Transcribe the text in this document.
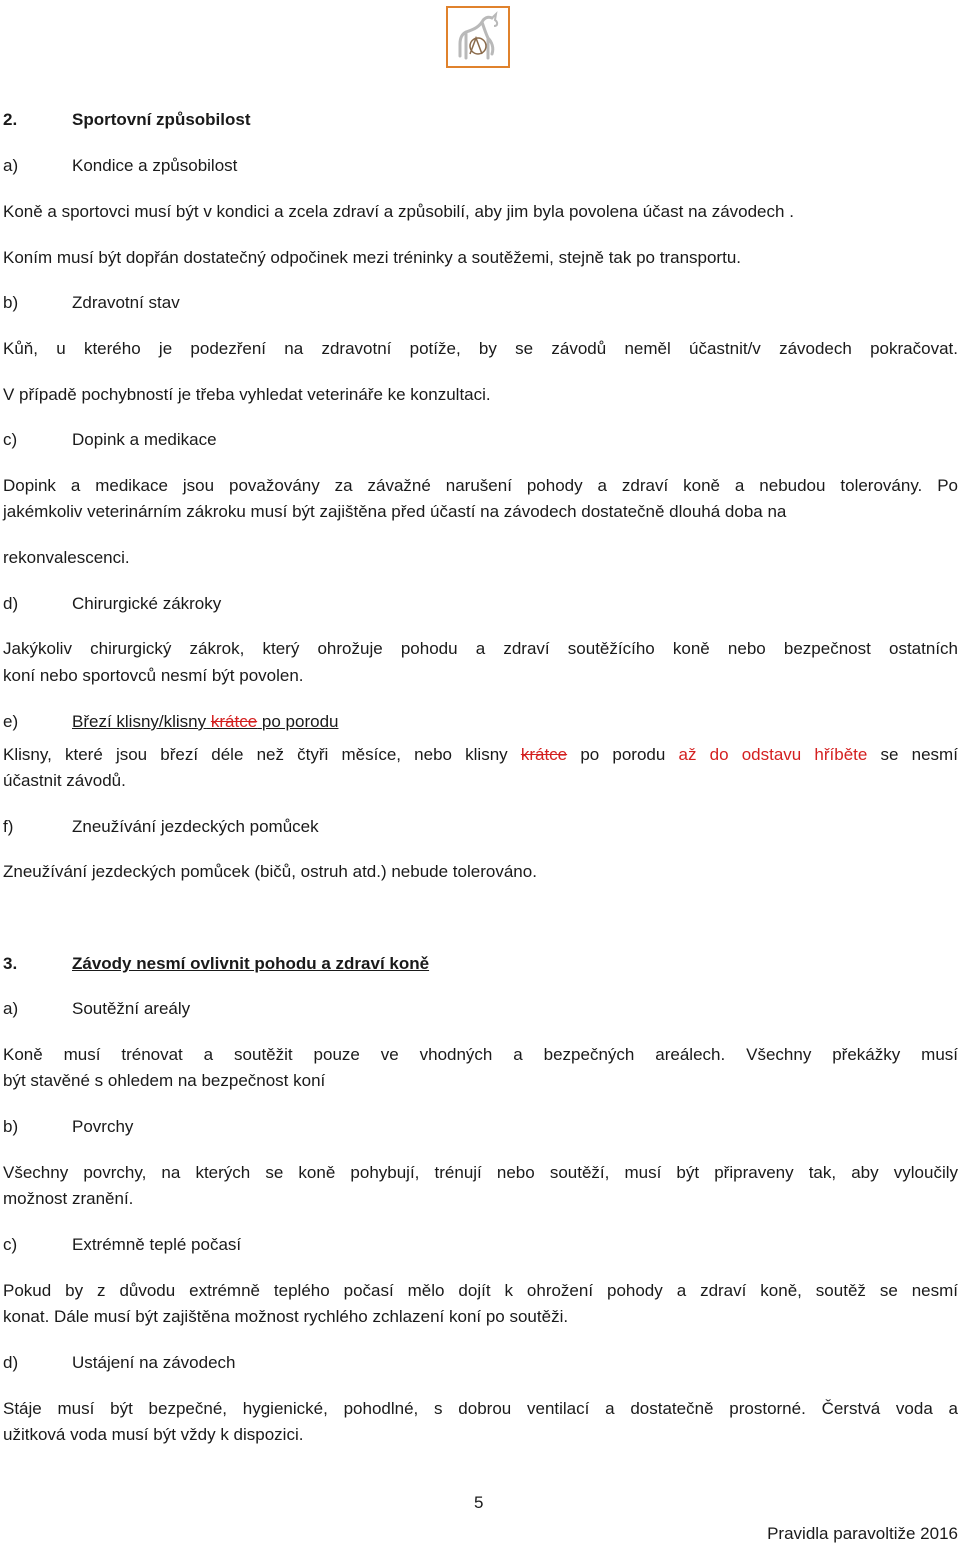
2.	Sportovní způsobilost
a)	Kondice a způsobilost
Koně a sportovci musí být v kondici a zcela zdraví a způsobilí, aby jim byla povolena účast na závodech .
Koním musí být dopřán dostatečný odpočinek mezi tréninky a soutěžemi, stejně tak po transportu.
b)	Zdravotní stav
Kůň, u kterého je podezření na zdravotní potíže, by se závodů neměl účastnit/v závodech pokračovat.
V případě pochybností je třeba vyhledat veterináře ke konzultaci.
c)	Dopink a medikace
Dopink a medikace jsou považovány za závažné narušení pohody a zdraví koně a nebudou tolerovány. Po
jakémkoliv veterinárním zákroku musí být zajištěna před účastí na závodech dostatečně dlouhá doba na
rekonvalescenci.
d)	Chirurgické zákroky
Jakýkoliv chirurgický zákrok, který ohrožuje pohodu a zdraví soutěžícího koně nebo bezpečnost ostatních
koní nebo sportovců nesmí být povolen.
e)	Březí klisny/klisny krátce po porodu
Klisny, které jsou březí déle než čtyři měsíce, nebo klisny krátce po porodu až do odstavu hříběte se nesmí
účastnit závodů.
f)	Zneužívání jezdeckých pomůcek
Zneužívání jezdeckých pomůcek (bičů, ostruh atd.) nebude tolerováno.
3.	Závody nesmí ovlivnit pohodu a zdraví koně
a)	Soutěžní areály
Koně musí trénovat a soutěžit pouze ve vhodných a bezpečných areálech. Všechny překážky musí
být stavěné s ohledem na bezpečnost koní
b)	Povrchy
Všechny povrchy, na kterých se koně pohybují, trénují nebo soutěží, musí být připraveny tak, aby vyloučily
možnost zranění.
c)	Extrémně teplé počasí
Pokud by z důvodu extrémně teplého počasí mělo dojít k ohrožení pohody a zdraví koně, soutěž se nesmí
konat. Dále musí být zajištěna možnost rychlého zchlazení koní po soutěži.
d)	Ustájení na závodech
Stáje musí být bezpečné, hygienické, pohodlné, s dobrou ventilací a dostatečně prostorné. Čerstvá voda a
užitková voda musí být vždy k dispozici.
5
Pravidla paravoltiže 2016
